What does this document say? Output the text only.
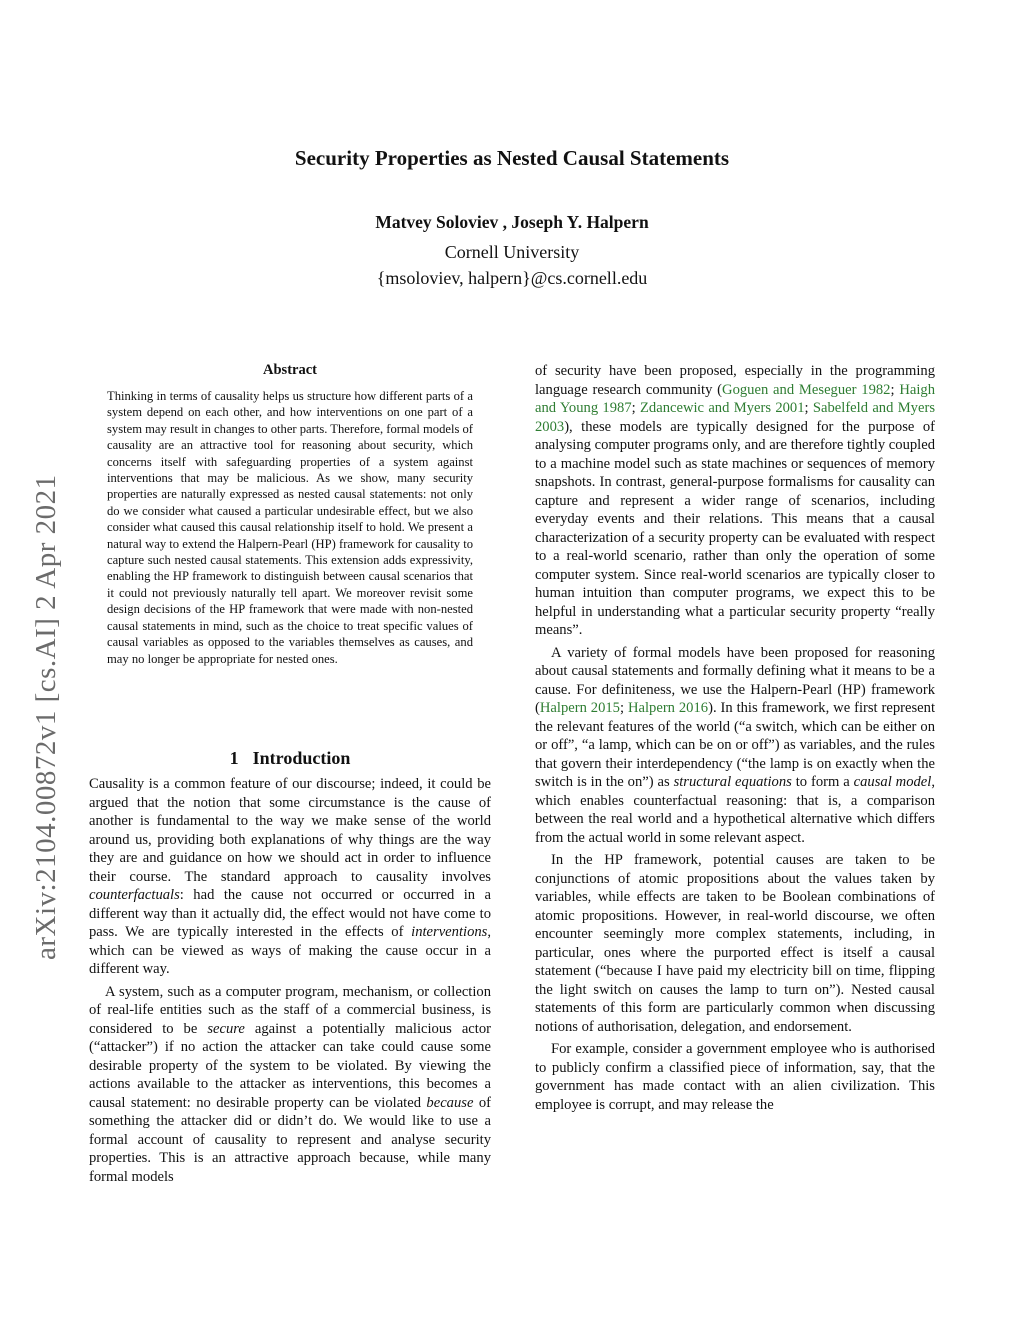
Security Properties as Nested Causal Statements
Matvey Soloviev , Joseph Y. Halpern
Cornell University
{msoloviev, halpern}@cs.cornell.edu
arXiv:2104.00872v1 [cs.AI] 2 Apr 2021
Abstract

Thinking in terms of causality helps us structure how different parts of a system depend on each other, and how interventions on one part of a system may result in changes to other parts. Therefore, formal models of causality are an attractive tool for reasoning about security, which concerns itself with safeguarding properties of a system against interventions that may be malicious. As we show, many security properties are naturally expressed as nested causal statements: not only do we consider what caused a particular undesirable effect, but we also consider what caused this causal relationship itself to hold. We present a natural way to extend the Halpern-Pearl (HP) framework for causality to capture such nested causal statements. This extension adds expressivity, enabling the HP framework to distinguish between causal scenarios that it could not previously naturally tell apart. We moreover revisit some design decisions of the HP framework that were made with non-nested causal statements in mind, such as the choice to treat specific values of causal variables as opposed to the variables themselves as causes, and may no longer be appropriate for nested ones.

1 Introduction

Causality is a common feature of our discourse; indeed, it could be argued that the notion that some circumstance is the cause of another is fundamental to the way we make sense of the world around us, providing both explanations of why things are the way they are and guidance on how we should act in order to influence their course. The standard approach to causality involves counterfactuals: had the cause not occurred or occurred in a different way than it actually did, the effect would not have come to pass. We are typically interested in the effects of interventions, which can be viewed as ways of making the cause occur in a different way.

A system, such as a computer program, mechanism, or collection of real-life entities such as the staff of a commercial business, is considered to be secure against a potentially malicious actor (“attacker”) if no action the attacker can take could cause some desirable property of the system to be violated. By viewing the actions available to the attacker as interventions, this becomes a causal statement: no desirable property can be violated because of something the attacker did or didn’t do. We would like to use a formal account of causality to represent and analyse security properties. This is an attractive approach because, while many formal models

of security have been proposed, especially in the programming language research community (Goguen and Meseguer 1982; Haigh and Young 1987; Zdancewic and Myers 2001; Sabelfeld and Myers 2003), these models are typically designed for the purpose of analysing computer programs only, and are therefore tightly coupled to a machine model such as state machines or sequences of memory snapshots. In contrast, general-purpose formalisms for causality can capture and represent a wider range of scenarios, including everyday events and their relations. This means that a causal characterization of a security property can be evaluated with respect to a real-world scenario, rather than only the operation of some computer system. Since real-world scenarios are typically closer to human intuition than computer programs, we expect this to be helpful in understanding what a particular security property “really means”.

A variety of formal models have been proposed for reasoning about causal statements and formally defining what it means to be a cause. For definiteness, we use the Halpern-Pearl (HP) framework (Halpern 2015; Halpern 2016). In this framework, we first represent the relevant features of the world (“a switch, which can be either on or off”, “a lamp, which can be on or off”) as variables, and the rules that govern their interdependency (“the lamp is on exactly when the switch is in the on”) as structural equations to form a causal model, which enables counterfactual reasoning: that is, a comparison between the real world and a hypothetical alternative which differs from the actual world in some relevant aspect.

In the HP framework, potential causes are taken to be conjunctions of atomic propositions about the values taken by variables, while effects are taken to be Boolean combinations of atomic propositions. However, in real-world discourse, we often encounter seemingly more complex statements, including, in particular, ones where the purported effect is itself a causal statement (“because I have paid my electricity bill on time, flipping the light switch on causes the lamp to turn on”). Nested causal statements of this form are particularly common when discussing notions of authorisation, delegation, and endorsement.

For example, consider a government employee who is authorised to publicly confirm a classified piece of information, say, that the government has made contact with an alien civilization. This employee is corrupt, and may release the
